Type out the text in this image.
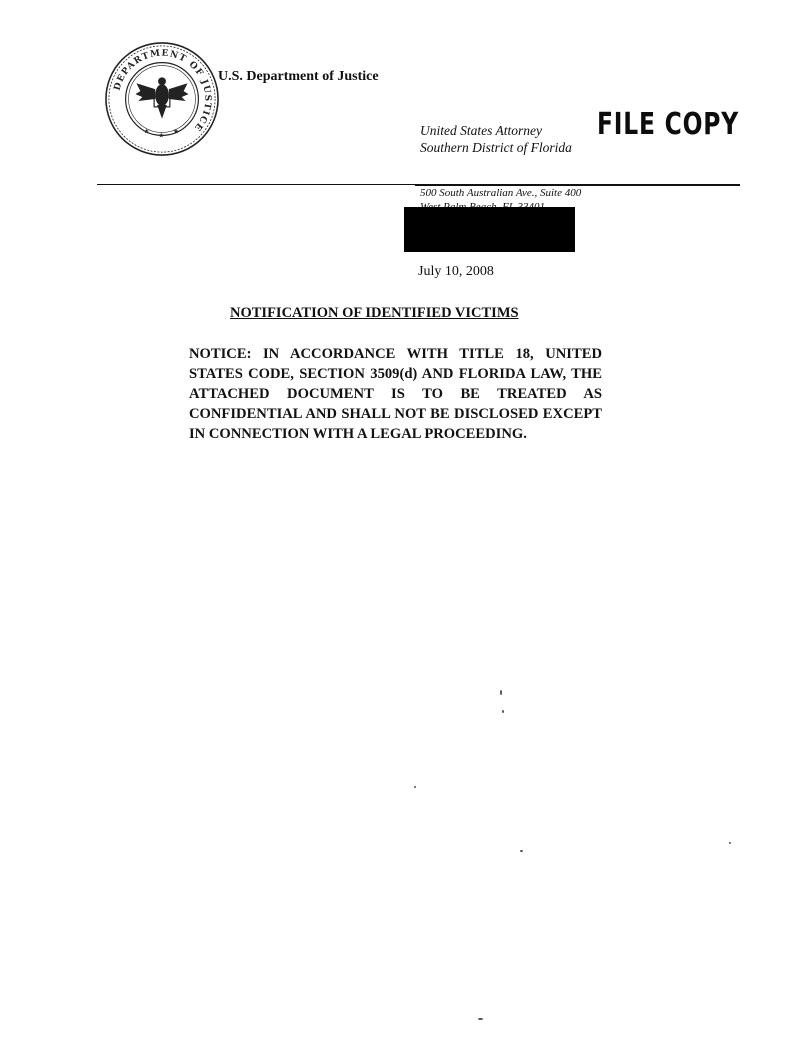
DEPARTMENT OF JUSTICE
★ ★ ★
U.S. Department of Justice
United States Attorney
Southern District of Florida
FILE COPY
500 South Australian Ave., Suite 400
July 10, 2008
NOTIFICATION OF IDENTIFIED VICTIMS
NOTICE: IN ACCORDANCE WITH TITLE 18, UNITED STATES CODE, SECTION 3509(d) AND FLORIDA LAW, THE ATTACHED DOCUMENT IS TO BE TREATED AS CONFIDENTIAL AND SHALL NOT BE DISCLOSED EXCEPT IN CONNECTION WITH A LEGAL PROCEEDING.
